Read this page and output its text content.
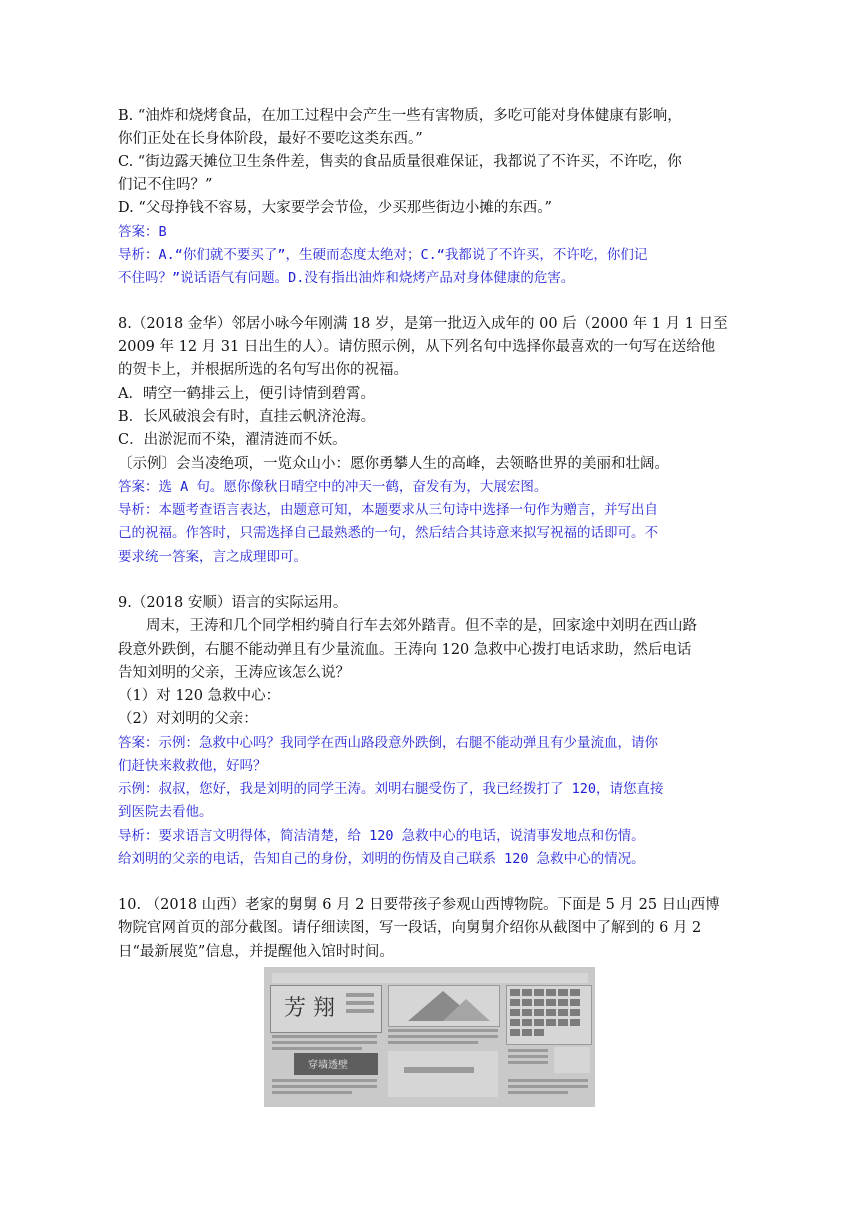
B. “油炸和烧烤食品，在加工过程中会产生一些有害物质，多吃可能对身体健康有影响，
你们正处在长身体阶段，最好不要吃这类东西。”
C. “街边露天摊位卫生条件差，售卖的食品质量很难保证，我都说了不许买，不许吃，你
们记不住吗？”
D. “父母挣钱不容易，大家要学会节俭，少买那些街边小摊的东西。”
答案：B
导析：A.“你们就不要买了”，生硬而态度太绝对；C.“我都说了不许买，不许吃，你们记
不住吗？”说话语气有问题。D.没有指出油炸和烧烤产品对身体健康的危害。
8.（2018 金华）邻居小咏今年刚满 18 岁，是第一批迈入成年的 00 后（2000 年 1 月 1 日至
2009 年 12 月 31 日出生的人）。请仿照示例，从下列名句中选择你最喜欢的一句写在送给他
的贺卡上，并根据所选的名句写出你的祝福。
A．晴空一鹤排云上，便引诗情到碧霄。
B．长风破浪会有时，直挂云帆济沧海。
C．出淤泥而不染，濯清涟而不妖。
〔示例〕会当凌绝项，一览众山小：愿你勇攀人生的高峰，去领略世界的美丽和壮阔。
答案：选 A 句。愿你像秋日晴空中的冲天一鹤，奋发有为，大展宏图。
导析：本题考查语言表达，由题意可知，本题要求从三句诗中选择一句作为赠言，并写出自
己的祝福。作答时，只需选择自己最熟悉的一句，然后结合其诗意来拟写祝福的话即可。不
要求统一答案，言之成理即可。
9.（2018 安顺）语言的实际运用。
周末，王涛和几个同学相约骑自行车去郊外踏青。但不幸的是，回家途中刘明在西山路
段意外跌倒，右腿不能动弹且有少量流血。王涛向 120 急救中心拨打电话求助，然后电话
告知刘明的父亲，王涛应该怎么说？
（1）对 120 急救中心：
（2）对刘明的父亲：
答案：示例：急救中心吗？我同学在西山路段意外跌倒，右腿不能动弹且有少量流血，请你
们赶快来救救他，好吗？
示例：叔叔，您好，我是刘明的同学王涛。刘明右腿受伤了，我已经拨打了 120，请您直接
到医院去看他。
导析：要求语言文明得体，简洁清楚，给 120 急救中心的电话，说清事发地点和伤情。
给刘明的父亲的电话，告知自己的身份，刘明的伤情及自己联系 120 急救中心的情况。
10. （2018 山西）老家的舅舅 6 月 2 日要带孩子参观山西博物院。下面是 5 月 25 日山西博
物院官网首页的部分截图。请仔细读图，写一段话，向舅舅介绍你从截图中了解到的 6 月 2
日“最新展览”信息，并提醒他入馆时时间。
芳 翔
穿墙透壁
